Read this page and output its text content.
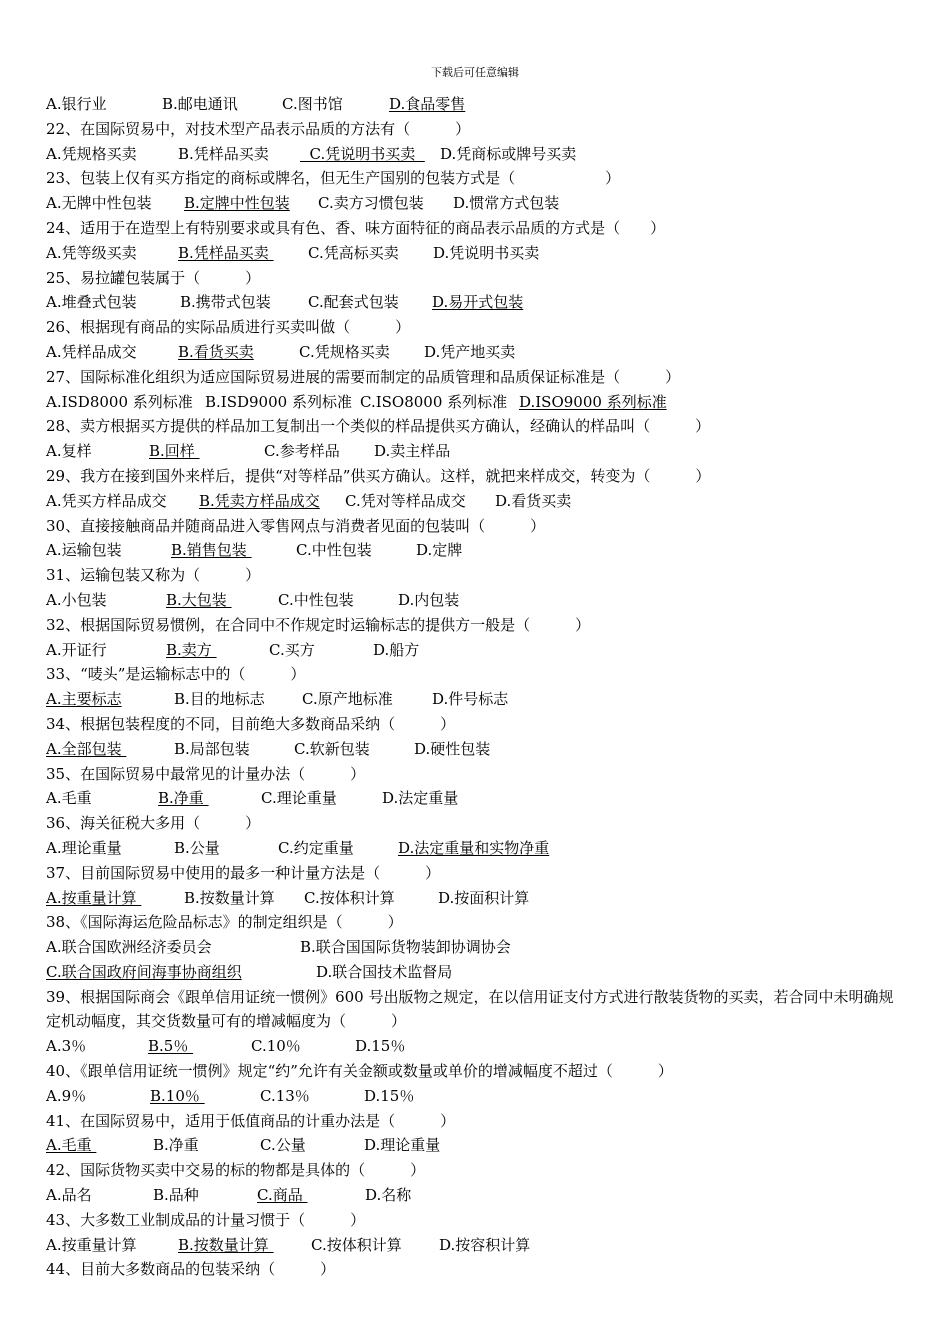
下载后可任意编辑
A.银行业	B.邮电通讯	C.图书馆	D.食品零售
22、在国际贸易中，对技术型产品表示品质的方法有（　　　）
A.凭规格买卖	B.凭样品买卖	C.凭说明书买卖	D.凭商标或牌号买卖
23、包装上仅有买方指定的商标或牌名，但无生产国别的包装方式是（　　　　　　）
A.无牌中性包装	B.定牌中性包装	C.卖方习惯包装	D.惯常方式包装
24、适用于在造型上有特别要求或具有色、香、味方面特征的商品表示品质的方式是（　　）
A.凭等级买卖	B.凭样品买卖	C.凭高标买卖	D.凭说明书买卖
25、易拉罐包装属于（　　　）
A.堆叠式包装	B.携带式包装	C.配套式包装	D.易开式包装
26、根据现有商品的实际品质进行买卖叫做（　　　）
A.凭样品成交	B.看货买卖	C.凭规格买卖	D.凭产地买卖
27、国际标准化组织为适应国际贸易进展的需要而制定的品质管理和品质保证标准是（　　　）
A.ISD8000 系列标准 B.ISD9000 系列标准 C.ISO8000 系列标准 D.ISO9000 系列标准
28、卖方根据买方提供的样品加工复制出一个类似的样品提供买方确认，经确认的样品叫（　　　）
A.复样	B.回样	C.参考样品	D.卖主样品
29、我方在接到国外来样后，提供“对等样品”供买方确认。这样，就把来样成交，转变为（　　　）
A.凭买方样品成交	B.凭卖方样品成交	C.凭对等样品成交	D.看货买卖
30、直接接触商品并随商品进入零售网点与消费者见面的包装叫（　　　）
A.运输包装	B.销售包装	C.中性包装	D.定牌
31、运输包装又称为（　　　）
A.小包装	B.大包装	C.中性包装	D.内包装
32、根据国际贸易惯例，在合同中不作规定时运输标志的提供方一般是（　　　）
A.开证行	B.卖方	C.买方	D.船方
33、“唛头”是运输标志中的（　　　）
A.主要标志	B.目的地标志	C.原产地标准	D.件号标志
34、根据包装程度的不同，目前绝大多数商品采纳（　　　）
A.全部包装	B.局部包装	C.软新包装	D.硬性包装
35、在国际贸易中最常见的计量办法（　　　）
A.毛重	B.净重	C.理论重量	D.法定重量
36、海关征税大多用（　　　）
A.理论重量	B.公量	C.约定重量	D.法定重量和实物净重
37、目前国际贸易中使用的最多一种计量方法是（　　　）
A.按重量计算	B.按数量计算	C.按体积计算	D.按面积计算
38、《国际海运危险品标志》的制定组织是（　　　）
A.联合国欧洲经济委员会	B.联合国国际货物装卸协调协会
C.联合国政府间海事协商组织	D.联合国技术监督局
39、根据国际商会《跟单信用证统一惯例》600 号出版物之规定，在以信用证支付方式进行散装货物的买卖，若合同中未明确规定机动幅度，其交货数量可有的增减幅度为（　　　）
A.3％	B.5％	C.10％	D.15％
40、《跟单信用证统一惯例》规定“约”允许有关金额或数量或单价的增减幅度不超过（　　　）
A.9％	B.10％	C.13％	D.15％
41、在国际贸易中，适用于低值商品的计重办法是（　　　）
A.毛重	B.净重	C.公量	D.理论重量
42、国际货物买卖中交易的标的物都是具体的（　　　）
A.品名	B.品种	C.商品	D.名称
43、大多数工业制成品的计量习惯于（　　　）
A.按重量计算	B.按数量计算	C.按体积计算	D.按容积计算
44、目前大多数商品的包装采纳（　　　）
